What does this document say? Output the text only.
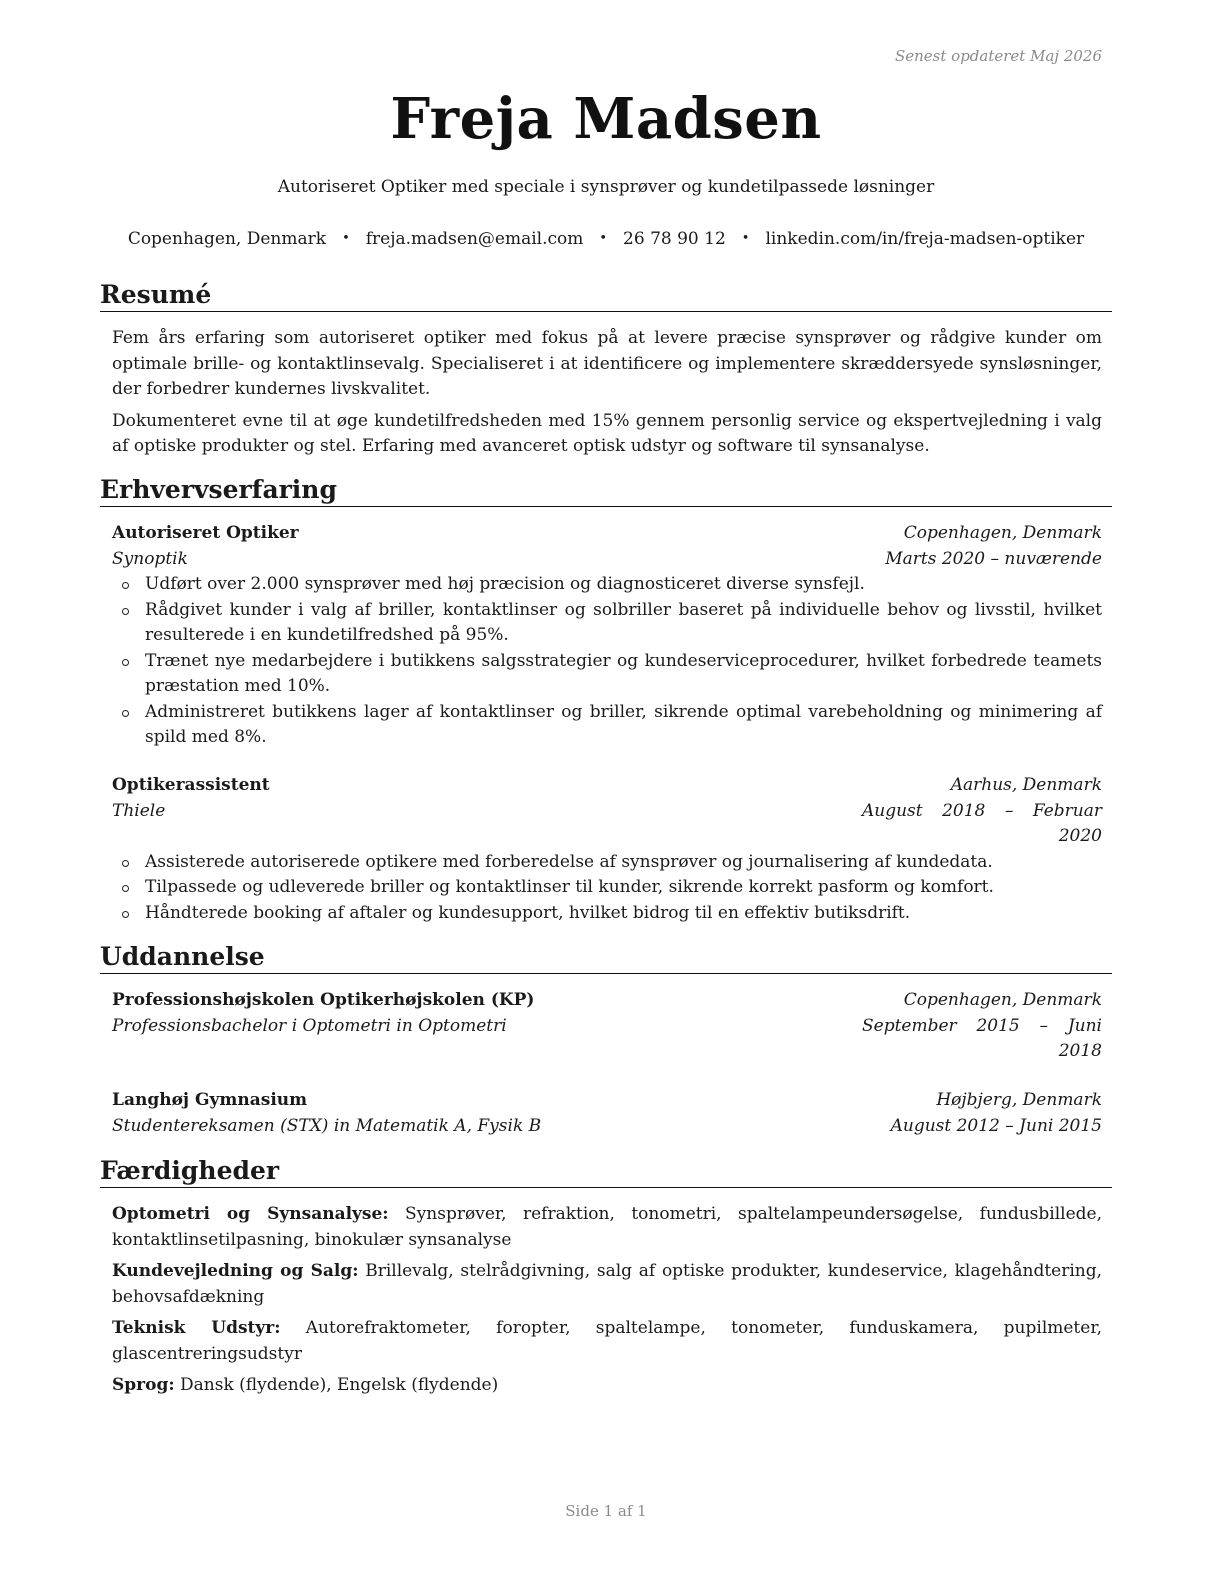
Senest opdateret Maj 2026
Freja Madsen
Autoriseret Optiker med speciale i synsprøver og kundetilpassede løsninger
Copenhagen, Denmark • freja.madsen@email.com • 26 78 90 12 • linkedin.com/in/freja-madsen-optiker
Resumé

Fem års erfaring som autoriseret optiker med fokus på at levere præcise synsprøver og rådgive kunder om optimale brille- og kontaktlinsevalg. Specialiseret i at identificere og implementere skræddersyede synsløsninger, der forbedrer kundernes livskvalitet.

Dokumenteret evne til at øge kundetilfredsheden med 15% gennem personlig service og ekspertvejledning i valg af optiske produkter og stel. Erfaring med avanceret optisk udstyr og software til synsanalyse.

Erhvervserfaring
Autoriseret Optiker	Copenhagen, Denmark
Synoptik	Marts 2020 – nuværende
Udført over 2.000 synsprøver med høj præcision og diagnosticeret diverse synsfejl.
Rådgivet kunder i valg af briller, kontaktlinser og solbriller baseret på individuelle behov og livsstil, hvilket resulterede i en kundetilfredshed på 95%.
Trænet nye medarbejdere i butikkens salgsstrategier og kundeserviceprocedurer, hvilket forbedrede teamets præstation med 10%.
Administreret butikkens lager af kontaktlinser og briller, sikrende optimal varebeholdning og minimering af spild med 8%.
Optikerassistent	Aarhus, Denmark
Thiele	August 2018 – Februar 2020
Assisterede autoriserede optikere med forberedelse af synsprøver og journalisering af kundedata.
Tilpassede og udleverede briller og kontaktlinser til kunder, sikrende korrekt pasform og komfort.
Håndterede booking af aftaler og kundesupport, hvilket bidrog til en effektiv butiksdrift.
Uddannelse
Professionshøjskolen Optikerhøjskolen (KP)	Copenhagen, Denmark
Professionsbachelor i Optometri in Optometri	September 2015 – Juni 2018
Langhøj Gymnasium	Højbjerg, Denmark
Studentereksamen (STX) in Matematik A, Fysik B	August 2012 – Juni 2015
Færdigheder

Optometri og Synsanalyse: Synsprøver, refraktion, tonometri, spaltelampeundersøgelse, fundusbillede, kontaktlinsetilpasning, binokulær synsanalyse

Kundevejledning og Salg: Brillevalg, stelrådgivning, salg af optiske produkter, kundeservice, klagehåndtering, behovsafdækning

Teknisk Udstyr: Autorefraktometer, foropter, spaltelampe, tonometer, funduskamera, pupilmeter, glascentreringsudstyr

Sprog: Dansk (flydende), Engelsk (flydende)

Side 1 af 1
